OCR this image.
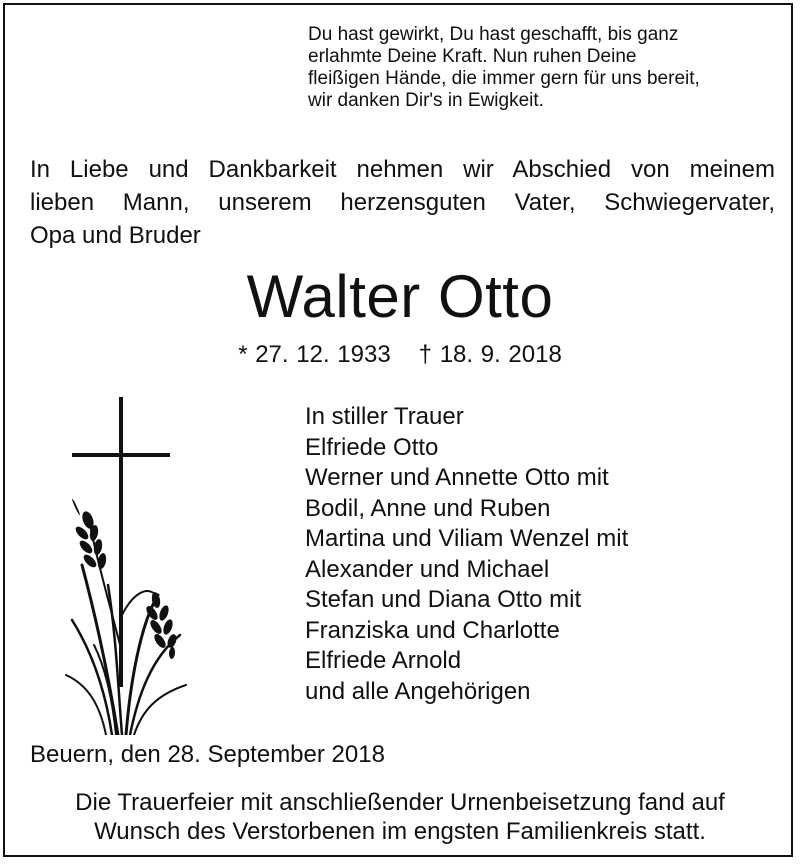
Du hast gewirkt, Du hast geschafft, bis ganz
erlahmte Deine Kraft. Nun ruhen Deine
fleißigen Hände, die immer gern für uns bereit,
wir danken Dir's in Ewigkeit.
In Liebe und Dankbarkeit nehmen wir Abschied von meinem
lieben Mann, unserem herzensguten Vater, Schwiegervater,
Opa und Bruder
Walter Otto
* 27. 12. 1933 † 18. 9. 2018
In stiller Trauer
Elfriede Otto
Werner und Annette Otto mit
Bodil, Anne und Ruben
Martina und Viliam Wenzel mit
Alexander und Michael
Stefan und Diana Otto mit
Franziska und Charlotte
Elfriede Arnold
und alle Angehörigen
Beuern, den 28. September 2018
Die Trauerfeier mit anschließender Urnenbeisetzung fand auf
Wunsch des Verstorbenen im engsten Familienkreis statt.
